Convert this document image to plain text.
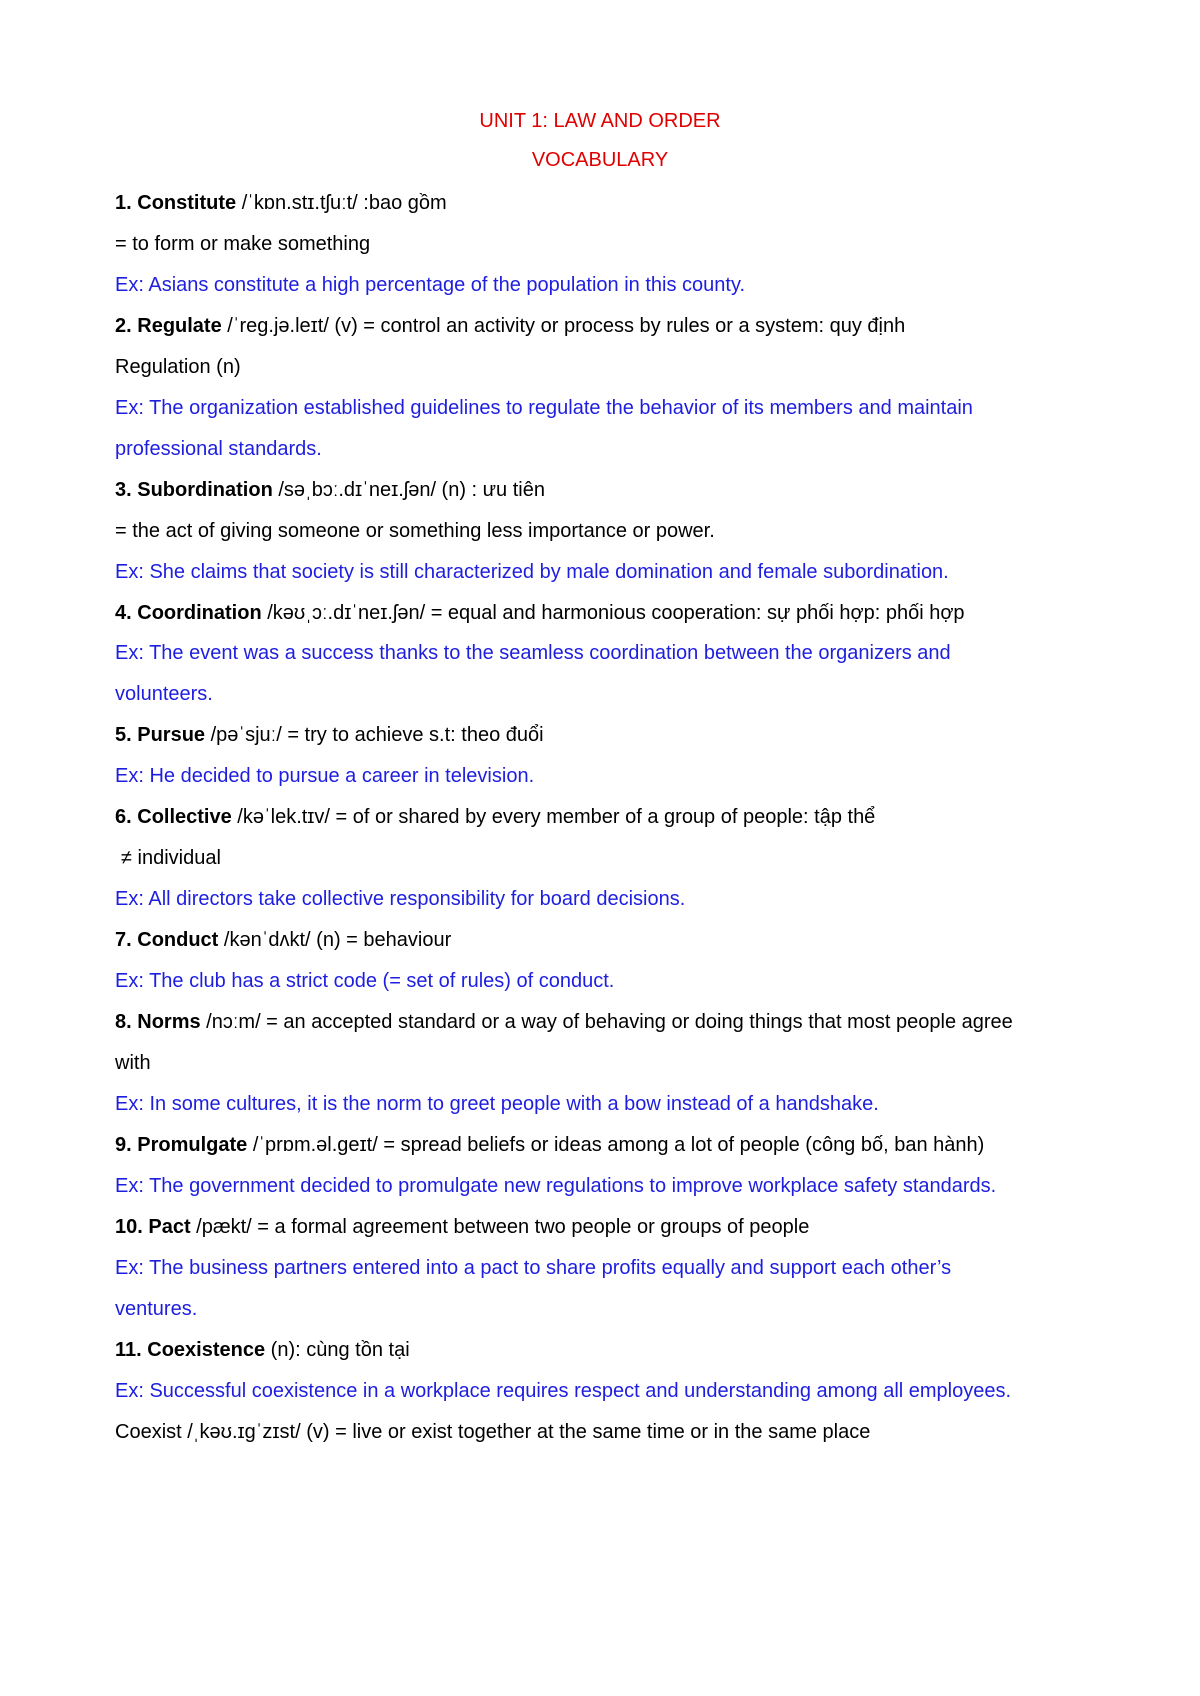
UNIT 1: LAW AND ORDER
VOCABULARY
1. Constitute /ˈkɒn.stɪ.tʃuːt/ :bao gồm
= to form or make something
Ex: Asians constitute a high percentage of the population in this county.
2. Regulate /ˈreg.jə.leɪt/ (v) = control an activity or process by rules or a system: quy định
Regulation (n)
Ex: The organization established guidelines to regulate the behavior of its members and maintain
professional standards.
3. Subordination /səˌbɔː.dɪˈneɪ.ʃən/ (n) : ưu tiên
= the act of giving someone or something less importance or power.
Ex: She claims that society is still characterized by male domination and female subordination.
4. Coordination /kəʊˌɔː.dɪˈneɪ.ʃən/ = equal and harmonious cooperation: sự phối hợp: phối hợp
Ex: The event was a success thanks to the seamless coordination between the organizers and
volunteers.
5. Pursue /pəˈsjuː/ = try to achieve s.t: theo đuổi
Ex: He decided to pursue a career in television.
6. Collective /kəˈlek.tɪv/ = of or shared by every member of a group of people: tập thể
≠ individual
Ex: All directors take collective responsibility for board decisions.
7. Conduct /kənˈdʌkt/ (n) = behaviour
Ex: The club has a strict code (= set of rules) of conduct.
8. Norms /nɔːm/ = an accepted standard or a way of behaving or doing things that most people agree
with
Ex: In some cultures, it is the norm to greet people with a bow instead of a handshake.
9. Promulgate /ˈprɒm.əl.ɡeɪt/ = spread beliefs or ideas among a lot of people (công bố, ban hành)
Ex: The government decided to promulgate new regulations to improve workplace safety standards.
10. Pact /pækt/ = a formal agreement between two people or groups of people
Ex: The business partners entered into a pact to share profits equally and support each other’s
ventures.
11. Coexistence (n): cùng tồn tại
Ex: Successful coexistence in a workplace requires respect and understanding among all employees.
Coexist /ˌkəʊ.ɪɡˈzɪst/ (v) = live or exist together at the same time or in the same place
